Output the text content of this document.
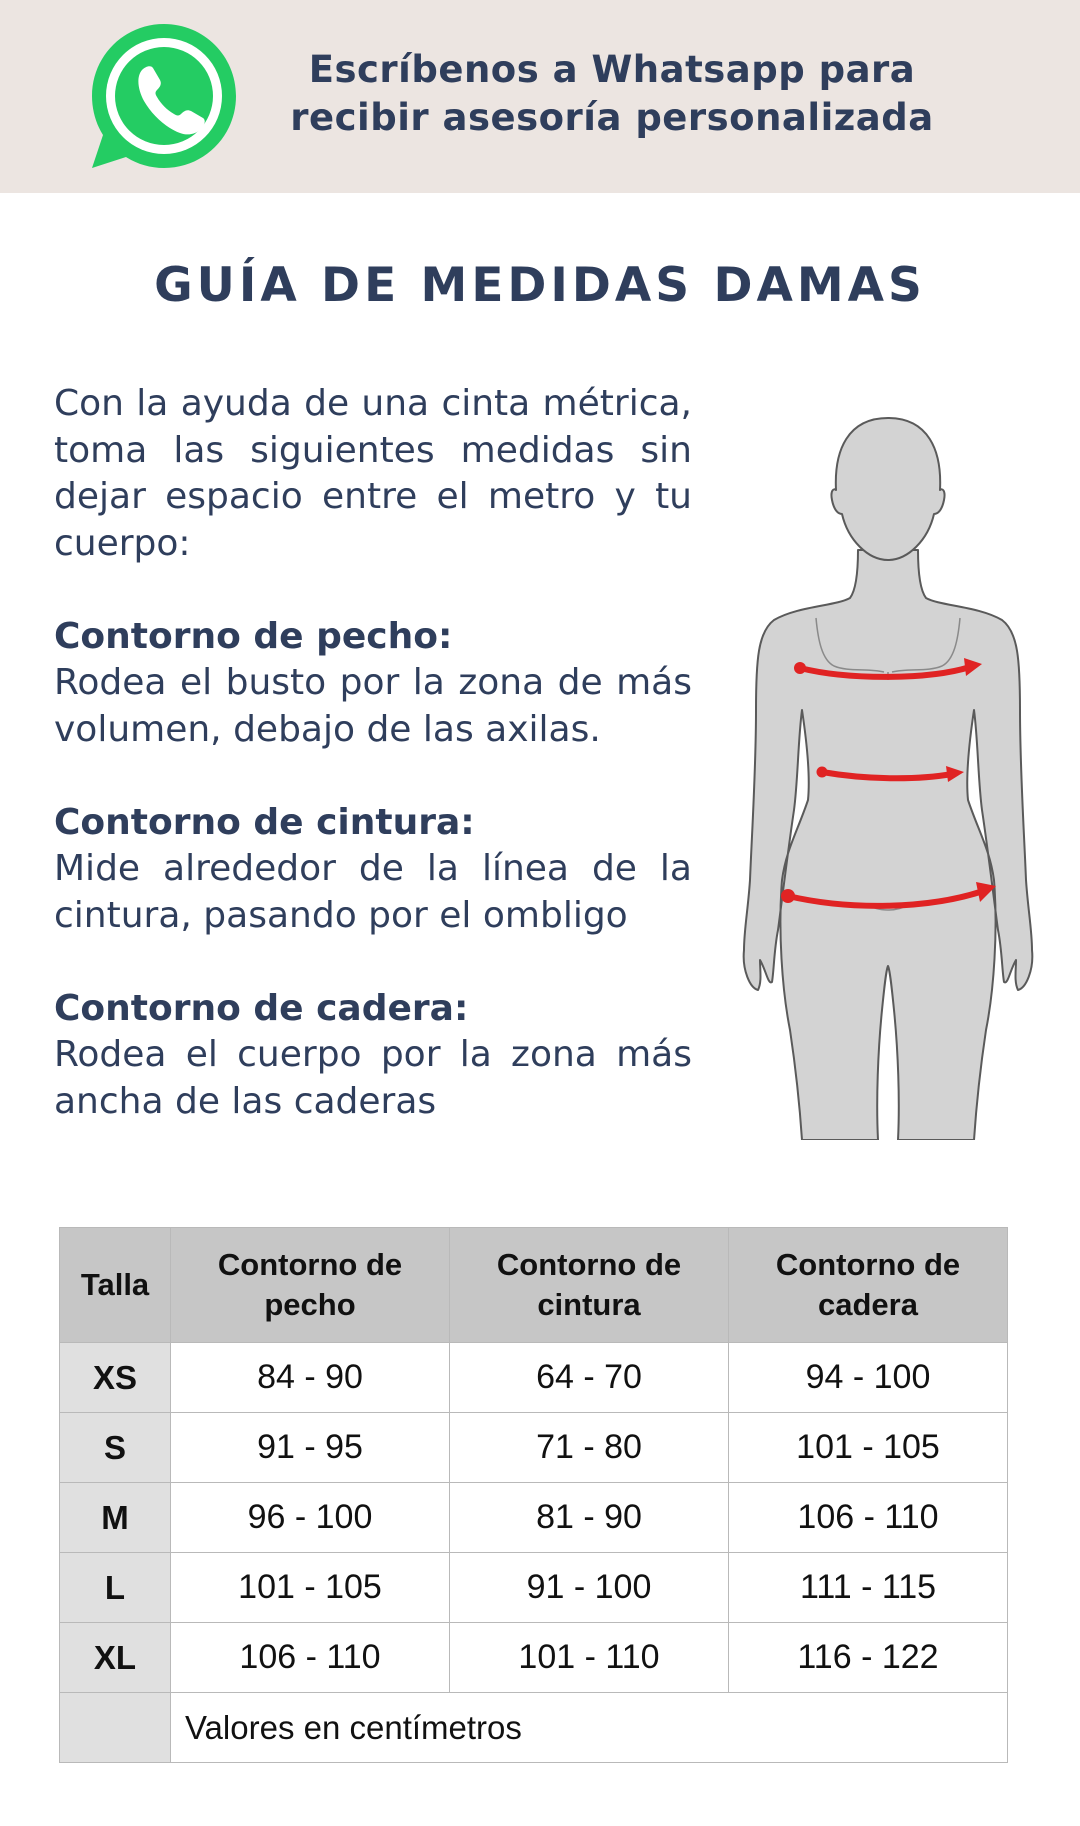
Escríbenos a Whatsapp para
recibir asesoría personalizada
GUÍA DE MEDIDAS DAMAS
Con la ayuda de una cinta métrica, toma las siguientes medidas sin dejar espacio entre el metro y tu cuerpo:
Contorno de pecho:
Rodea el busto por la zona de más volumen, debajo de las axilas.
Contorno de cintura:
Mide alrededor de la línea de la cintura, pasando por el ombligo
Contorno de cadera:
Rodea el cuerpo por la zona más ancha de las caderas
Talla	Contorno de pecho	Contorno de cintura	Contorno de cadera
XS	84 - 90	64 - 70	94 - 100
S	91 - 95	71 - 80	101 - 105
M	96 - 100	81 - 90	106 - 110
L	101 - 105	91 - 100	111 - 115
XL	106 - 110	101 - 110	116 - 122
	Valores en centímetros		
